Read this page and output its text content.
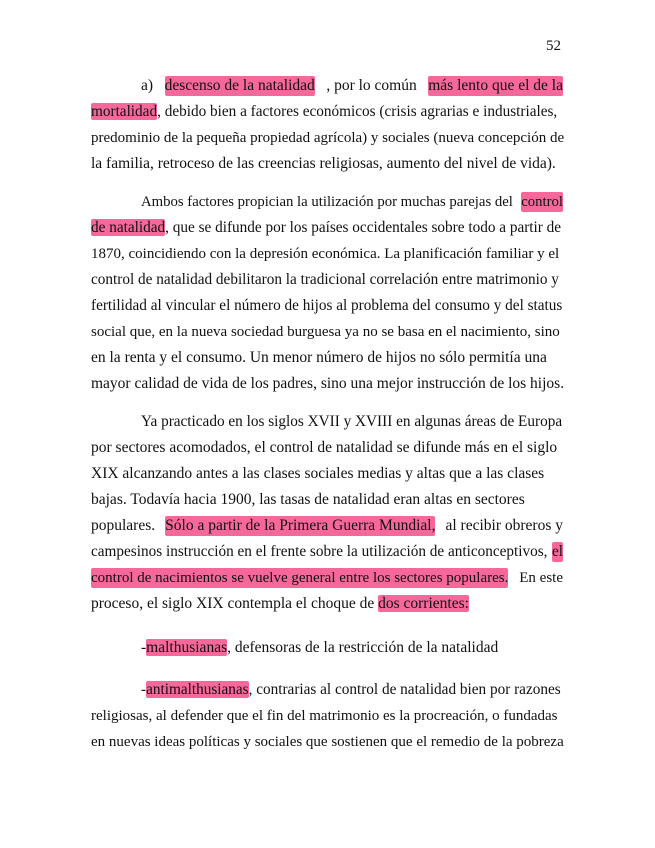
52
a) descenso de la natalidad , por lo común más lento que el de la
mortalidad, debido bien a factores económicos (crisis agrarias e industriales,
predominio de la pequeña propiedad agrícola) y sociales (nueva concepción de
la familia, retroceso de las creencias religiosas, aumento del nivel de vida).
Ambos factores propician la utilización por muchas parejas del control
de natalidad, que se difunde por los países occidentales sobre todo a partir de
1870, coincidiendo con la depresión económica. La planificación familiar y el
control de natalidad debilitaron la tradicional correlación entre matrimonio y
fertilidad al vincular el número de hijos al problema del consumo y del status
social que, en la nueva sociedad burguesa ya no se basa en el nacimiento, sino
en la renta y el consumo. Un menor número de hijos no sólo permitía una
mayor calidad de vida de los padres, sino una mejor instrucción de los hijos.
Ya practicado en los siglos XVII y XVIII en algunas áreas de Europa
por sectores acomodados, el control de natalidad se difunde más en el siglo
XIX alcanzando antes a las clases sociales medias y altas que a las clases
bajas. Todavía hacia 1900, las tasas de natalidad eran altas en sectores
populares. Sólo a partir de la Primera Guerra Mundial, al recibir obreros y
campesinos instrucción en el frente sobre la utilización de anticonceptivos, el
control de nacimientos se vuelve general entre los sectores populares. En este
proceso, el siglo XIX contempla el choque de dos corrientes:
-malthusianas, defensoras de la restricción de la natalidad
-antimalthusianas, contrarias al control de natalidad bien por razones
religiosas, al defender que el fin del matrimonio es la procreación, o fundadas
en nuevas ideas políticas y sociales que sostienen que el remedio de la pobreza
